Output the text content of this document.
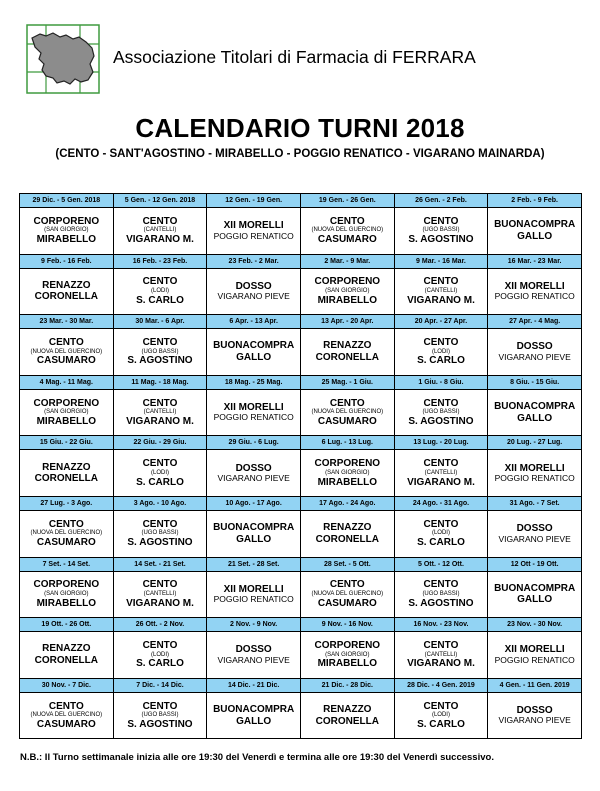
Associazione Titolari di Farmacia di FERRARA
CALENDARIO TURNI 2018
(CENTO - SANT'AGOSTINO - MIRABELLO - POGGIO RENATICO - VIGARANO MAINARDA)
29 Dic. - 5 Gen. 2018	5 Gen. - 12 Gen. 2018	12 Gen. - 19 Gen.	19 Gen. - 26 Gen.	26 Gen. - 2 Feb.	2 Feb. - 9 Feb.

CORPORENO
(SAN GIORGIO)
MIRABELLO	CENTO
(CANTELLI)
VIGARANO M.	XII MORELLI
POGGIO RENATICO	CENTO
(NUOVA DEL GUERCINO)
CASUMARO	CENTO
(UGO BASSI)
S. AGOSTINO	BUONACOMPRA
GALLO

9 Feb. - 16 Feb.	16 Feb. - 23 Feb.	23 Feb. - 2 Mar.	2 Mar. - 9 Mar.	9 Mar. - 16 Mar.	16 Mar. - 23 Mar.

RENAZZO
CORONELLA	CENTO
(LODI)
S. CARLO	DOSSO
VIGARANO PIEVE	CORPORENO
(SAN GIORGIO)
MIRABELLO	CENTO
(CANTELLI)
VIGARANO M.	XII MORELLI
POGGIO RENATICO

23 Mar. - 30 Mar.	30 Mar. - 6 Apr.	6 Apr. - 13 Apr.	13 Apr. - 20 Apr.	20 Apr. - 27 Apr.	27 Apr. - 4 Mag.

CENTO
(NUOVA DEL GUERCINO)
CASUMARO	CENTO
(UGO BASSI)
S. AGOSTINO	BUONACOMPRA
GALLO	RENAZZO
CORONELLA	CENTO
(LODI)
S. CARLO	DOSSO
VIGARANO PIEVE

4 Mag. - 11 Mag.	11 Mag. - 18 Mag.	18 Mag. - 25 Mag.	25 Mag. - 1 Giu.	1 Giu. - 8 Giu.	8 Giu. - 15 Giu.

CORPORENO
(SAN GIORGIO)
MIRABELLO	CENTO
(CANTELLI)
VIGARANO M.	XII MORELLI
POGGIO RENATICO	CENTO
(NUOVA DEL GUERCINO)
CASUMARO	CENTO
(UGO BASSI)
S. AGOSTINO	BUONACOMPRA
GALLO

15 Giu. - 22 Giu.	22 Giu. - 29 Giu.	29 Giu. - 6 Lug.	6 Lug. - 13 Lug.	13 Lug. - 20 Lug.	20 Lug. - 27 Lug.

RENAZZO
CORONELLA	CENTO
(LODI)
S. CARLO	DOSSO
VIGARANO PIEVE	CORPORENO
(SAN GIORGIO)
MIRABELLO	CENTO
(CANTELLI)
VIGARANO M.	XII MORELLI
POGGIO RENATICO

27 Lug. - 3 Ago.	3 Ago. - 10 Ago.	10 Ago. - 17 Ago.	17 Ago. - 24 Ago.	24 Ago. - 31 Ago.	31 Ago. - 7 Set.

CENTO
(NUOVA DEL GUERCINO)
CASUMARO	CENTO
(UGO BASSI)
S. AGOSTINO	BUONACOMPRA
GALLO	RENAZZO
CORONELLA	CENTO
(LODI)
S. CARLO	DOSSO
VIGARANO PIEVE

7 Set. - 14 Set.	14 Set. - 21 Set.	21 Set. - 28 Set.	28 Set. - 5 Ott.	5 Ott. - 12 Ott.	12 Ott - 19 Ott.

CORPORENO
(SAN GIORGIO)
MIRABELLO	CENTO
(CANTELLI)
VIGARANO M.	XII MORELLI
POGGIO RENATICO	CENTO
(NUOVA DEL GUERCINO)
CASUMARO	CENTO
(UGO BASSI)
S. AGOSTINO	BUONACOMPRA
GALLO

19 Ott. - 26 Ott.	26 Ott. - 2 Nov.	2 Nov. - 9 Nov.	9 Nov. - 16 Nov.	16 Nov. - 23 Nov.	23 Nov. - 30 Nov.

RENAZZO
CORONELLA	CENTO
(LODI)
S. CARLO	DOSSO
VIGARANO PIEVE	CORPORENO
(SAN GIORGIO)
MIRABELLO	CENTO
(CANTELLI)
VIGARANO M.	XII MORELLI
POGGIO RENATICO

30 Nov. - 7 Dic.	7 Dic. - 14 Dic.	14 Dic. - 21 Dic.	21 Dic. - 28 Dic.	28 Dic. - 4 Gen. 2019	4 Gen. - 11 Gen. 2019

CENTO
(NUOVA DEL GUERCINO)
CASUMARO	CENTO
(UGO BASSI)
S. AGOSTINO	BUONACOMPRA
GALLO	RENAZZO
CORONELLA	CENTO
(LODI)
S. CARLO	DOSSO
VIGARANO PIEVE
N.B.: Il Turno settimanale inizia alle ore 19:30 del Venerdì e termina alle ore 19:30 del Venerdì successivo.
